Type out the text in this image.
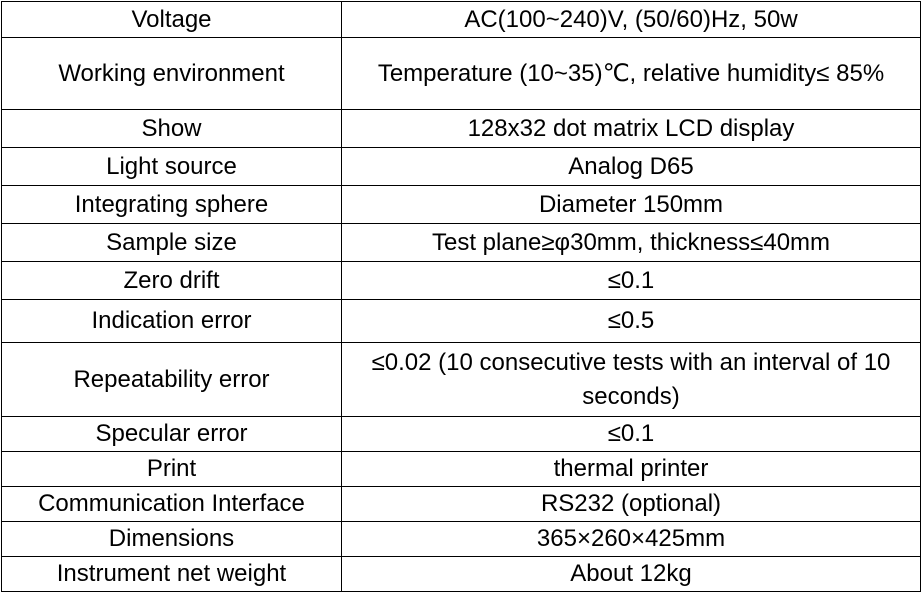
Voltage	AC(100~240)V, (50/60)Hz, 50w
Working environment	Temperature (10~35)℃, relative humidity≤ 85%
Show	128x32 dot matrix LCD display
Light source	Analog D65
Integrating sphere	Diameter 150mm
Sample size	Test plane≥φ30mm, thickness≤40mm
Zero drift	≤0.1
Indication error	≤0.5
Repeatability error	≤0.02 (10 consecutive tests with an interval of 10 seconds)
Specular error	≤0.1
Print	thermal printer
Communication Interface	RS232 (optional)
Dimensions	365×260×425mm
Instrument net weight	About 12kg
